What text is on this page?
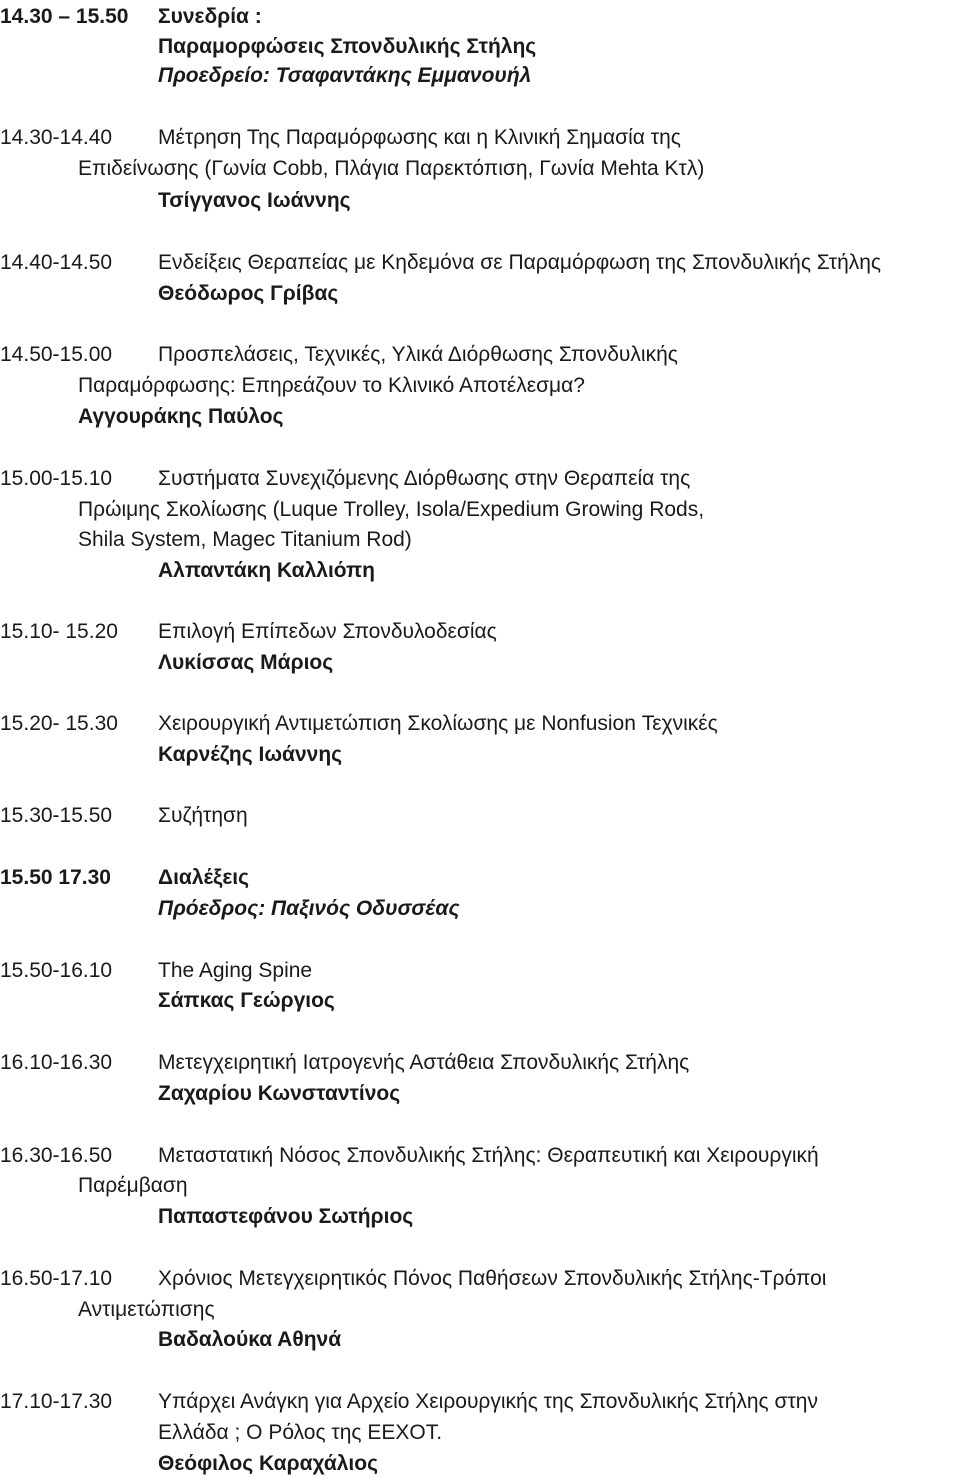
14.30 – 15.50 Συνεδρία :
Παραμορφώσεις Σπονδυλικής Στήλης
Προεδρείο: Τσαφαντάκης Εμμανουήλ
14.30-14.40 Μέτρηση Της Παραμόρφωσης και η Κλινική Σημασία της
Επιδείνωσης (Γωνία Cobb, Πλάγια Παρεκτόπιση, Γωνία Mehta Κτλ)
Τσίγγανος Ιωάννης
14.40-14.50 Ενδείξεις Θεραπείας με Κηδεμόνα σε Παραμόρφωση της Σπονδυλικής Στήλης
Θεόδωρος Γρίβας
14.50-15.00 Προσπελάσεις, Τεχνικές, Υλικά Διόρθωσης Σπονδυλικής
Παραμόρφωσης: Επηρεάζουν το Κλινικό Αποτέλεσμα?
Αγγουράκης Παύλος
15.00-15.10 Συστήματα Συνεχιζόμενης Διόρθωσης στην Θεραπεία της
Πρώιμης Σκολίωσης (Luque Trolley, Isola/Expedium Growing Rods,
Shila System, Magec Titanium Rod)
Αλπαντάκη Καλλιόπη
15.10- 15.20 Επιλογή Επίπεδων Σπονδυλοδεσίας
Λυκίσσας Μάριος
15.20- 15.30 Χειρουργική Αντιμετώπιση Σκολίωσης με Nonfusion Τεχνικές
Καρνέζης Ιωάννης
15.30-15.50 Συζήτηση
15.50 17.30 Διαλέξεις
Πρόεδρος: Παξινός Οδυσσέας
15.50-16.10 The Aging Spine
Σάπκας Γεώργιος
16.10-16.30 Μετεγχειρητική Ιατρογενής Αστάθεια Σπονδυλικής Στήλης
Ζαχαρίου Κωνσταντίνος
16.30-16.50 Μεταστατική Νόσος Σπονδυλικής Στήλης: Θεραπευτική και Χειρουργική
Παρέμβαση
Παπαστεφάνου Σωτήριος
16.50-17.10 Χρόνιος Μετεγχειρητικός Πόνος Παθήσεων Σπονδυλικής Στήλης-Τρόποι
Αντιμετώπισης
Βαδαλούκα Αθηνά
17.10-17.30 Υπάρχει Ανάγκη για Αρχείο Χειρουργικής της Σπονδυλικής Στήλης στην
Ελλάδα ; Ο Ρόλος της ΕΕΧΟΤ.
Θεόφιλος Καραχάλιος
